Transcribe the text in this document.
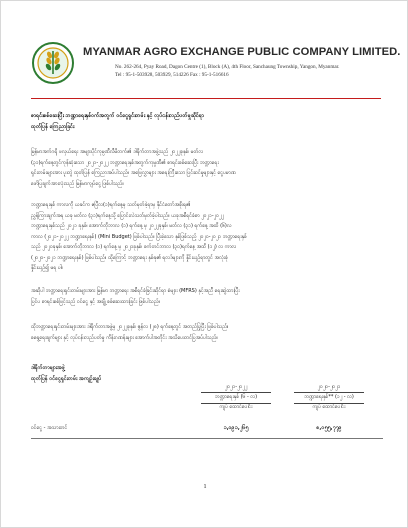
MYANMAR AGRO EXCHANGE PUBLIC COMPANY LIMITED.
No. 262-264, Pyay Road, Dagon Centre (1), Block (A), 4th Floor, Sanchaung Township, Yangon, Myanmar.
Tel : 95-1-503928, 503929, 514226 Fax : 95-1-516616
စာရင်းစစ်ဆေးပြီး ဘဏ္ဍာရေးနှစ်ဝက်အတွက် ဝင်ငွေရှင်းတမ်း နှင့် လုပ်ငန်းလည်ပတ်မှုဆိုင်ရာ
ထုတ်ပြန် ကြေညာခြင်း
မြန်မာအက်ဂရို ဖလှယ်ရေး အများပိုင်ကုမ္ပဏီလီမိတက်၏ ဒါရိုက်တာအဖွဲ့သည် ၂၀၂၂ခုနှစ်၊ မတ်လ
(၃၁)ရက်နေ့တွင်ကုန်ဆုံးသော ၂၀၂၁-၂၀၂၂ ဘဏ္ဍာရေးနှစ်အတွက်ကုမ္ပဏီ၏ စာရင်းစစ်ဆေးပြီး ဘဏ္ဍာရေး
ရှင်းတမ်းများအား ပူးတွဲ ထုတ်ပြန် ကြေညာအပ်ပါသည်။ အဖြေလွှာများ အရေးကြီးသော ပြင်ဆင်မှုများနှင့် ငွေပမာဏ
ဖော်ပြချက်အားလုံးသည် မြန်မာကျပ်ငွေ ဖြစ်ပါသည်။
ဘဏ္ဍာရေးနှစ် ကာလကို ယခင်က ဧပြီလ(၁)ရက်နေ့မှ သတ်မှတ်ခဲ့ရာမှ နိုင်ငံတော်အစိုးရ၏
ညွှန်ကြားချက်အရ ယခု မတ်လ (၃၁)ရက်နေ့သို့ ပြောင်းလဲသတ်မှတ်ခဲ့ပါသည်။ ယခုအစီရင်ခံစာ ၂၀၂၁-၂၀၂၂
ဘဏ္ဍာရေးနှစ်သည် ၂၀၂၁ ခုနှစ်၊ အောက်တိုဘာလ (၁) ရက်နေ့ မှ ၂၀၂၂ခုနှစ်၊ မတ်လ (၃၁) ရက်နေ့ အထိ (၆)လ
ကာလ (၂၀၂၁-၂၀၂၂ ဘဏ္ဍာရေးနှစ်) (Mini Budget) ဖြစ်ပါသည်။ ပြီးခဲ့သော နှစ်ဖြစ်သည့် ၂၀၂၀-၂၀၂၁ ဘဏ္ဍာရေးနှစ်
သည် ၂၀၂၀ခုနှစ်၊ အောက်တိုဘာလ (၁) ရက်နေ့ မှ ၂၀၂၁ခုနှစ်၊ စက်တင်ဘာလ (၃၀)ရက်နေ့ အထိ (၁၂) လ ကာလ
(၂၀၂၀-၂၀၂၁ ဘဏ္ဍာရေးနှစ်) ဖြစ်ပါသည်။ ထို့ကြောင့် ဘဏ္ဍာရေး နှစ်ခု၏ ရလဒ်များကို နှိုင်းယှဉ်ရာတွင် အလုံးစုံ
နှိုင်းယှဉ်၍ မရ ပါ။
အဆိုပါ ဘဏ္ဍာရေးရှင်းတမ်းများအား မြန်မာ ဘဏ္ဍာရေး အစီရင်ခံခြင်းဆိုင်ရာ စံများ (MFRS) နှင့်အညီ ရေးဆွဲထားပြီး
ပြင်ပ စာရင်းစစ်ဖြင့်သည် ဝင်ငွေ နှင့် အချို့ စစ်ဆေးထားခြင်း ဖြစ်ပါသည်။
ထိုဘဏ္ဍာရေးရှင်းတမ်းများအား ဒါရိုက်တာအဖွဲ့မှ ၂၀၂၂ခုနှစ်၊ ဇွန်လ (၂၈) ရက်နေ့တွင် အတည်ပြုပြီး ဖြစ်ပါသည်။
စရွေ့ရေးချက်များ နှင့် လုပ်ငန်းလည်ပတ်မှု ကိန်းဂဏန်းများ အောက်ပါအတိုင်း အသိပေးတင်ပြအပ်ပါသည်။
ဒါရိုက်တာများအဖွဲ့
ထုတ်ပြန် ဝင်ငွေရှင်းတမ်း အကျဉ်းချုပ်
၂၀၂၁-၂၀၂၂
ဘဏ္ဍာရေးနှစ် (၆ - လ)
ကျပ် ထောင်ပေါင်း
၂၀၂၀-၂၀၂၁
ဘဏ္ဍာရေးနှစ်** (၁၂ - လ)
ကျပ် ထောင်ပေါင်း
ဝင်ငွေ - အသားတင်	၁,၀၉၁,၂၆၅	၈,၀၅၅,၇၇၉
1
